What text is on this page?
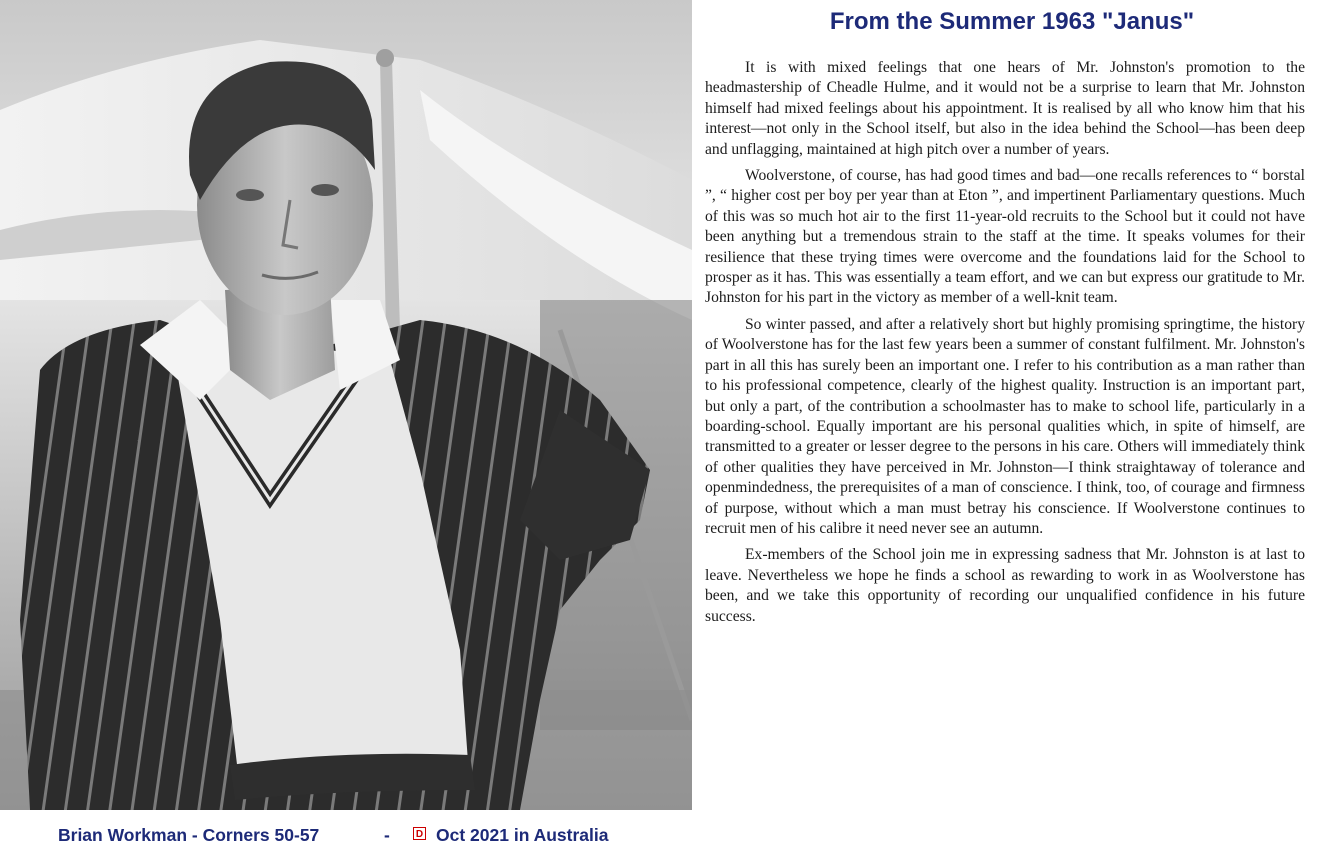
Brian Workman - Corners 50-57	-	D Oct 2021 in Australia
From the Summer 1963 "Janus"

It is with mixed feelings that one hears of Mr. Johnston's promotion to the headmastership of Cheadle Hulme, and it would not be a surprise to learn that Mr. Johnston himself had mixed feelings about his appointment. It is realised by all who know him that his interest—not only in the School itself, but also in the idea behind the School—has been deep and unflagging, maintained at high pitch over a number of years.

Woolverstone, of course, has had good times and bad—one recalls references to “ borstal ”, “ higher cost per boy per year than at Eton ”, and impertinent Parliamentary questions. Much of this was so much hot air to the first 11-year-old recruits to the School but it could not have been anything but a tremendous strain to the staff at the time. It speaks volumes for their resilience that these trying times were overcome and the foundations laid for the School to prosper as it has. This was essentially a team effort, and we can but express our gratitude to Mr. Johnston for his part in the victory as member of a well-knit team.

So winter passed, and after a relatively short but highly promising springtime, the history of Woolverstone has for the last few years been a summer of constant fulfilment. Mr. Johnston's part in all this has surely been an important one. I refer to his contribution as a man rather than to his professional competence, clearly of the highest quality. Instruction is an important part, but only a part, of the contribution a schoolmaster has to make to school life, particularly in a boarding-school. Equally important are his personal qualities which, in spite of himself, are transmitted to a greater or lesser degree to the persons in his care. Others will immediately think of other qualities they have perceived in Mr. Johnston—I think straightaway of tolerance and openmindedness, the prerequisites of a man of conscience. I think, too, of courage and firmness of purpose, without which a man must betray his conscience. If Woolverstone continues to recruit men of his calibre it need never see an autumn.

Ex-members of the School join me in expressing sadness that Mr. Johnston is at last to leave. Nevertheless we hope he finds a school as rewarding to work in as Woolverstone has been, and we take this opportunity of recording our unqualified confidence in his future success.
